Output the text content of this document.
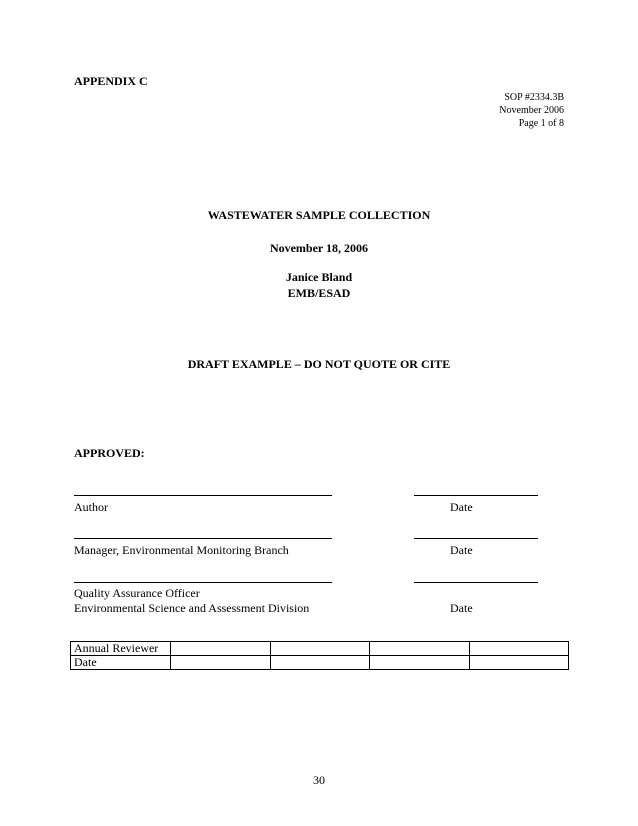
APPENDIX C
SOP #2334.3B
November 2006
Page 1 of 8
WASTEWATER SAMPLE COLLECTION
November 18, 2006
Janice Bland
EMB/ESAD
DRAFT EXAMPLE – DO NOT QUOTE OR CITE
APPROVED:
Author	Date
Manager, Environmental Monitoring Branch	Date
Quality Assurance Officer
Environmental Science and Assessment Division	Date
Annual Reviewer				
Date				
30
